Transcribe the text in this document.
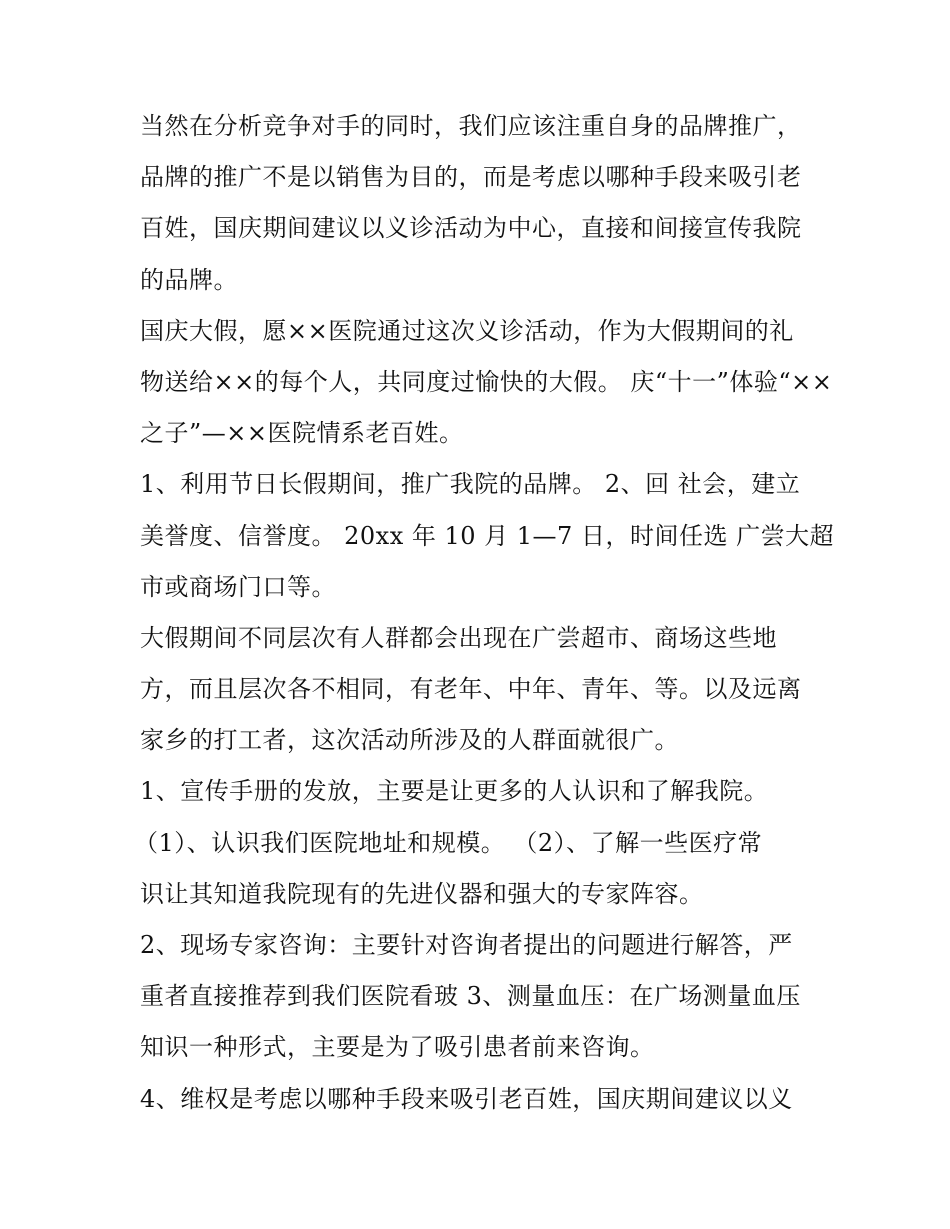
当然在分析竞争对手的同时，我们应该注重自身的品牌推广，
品牌的推广不是以销售为目的，而是考虑以哪种手段来吸引老
百姓，国庆期间建议以义诊活动为中心，直接和间接宣传我院
的品牌。
国庆大假，愿××医院通过这次义诊活动，作为大假期间的礼
物送给××的每个人，共同度过愉快的大假。 庆“十一”体验“××
之子”—××医院情系老百姓。
1、利用节日长假期间，推广我院的品牌。 2、回 社会，建立
美誉度、信誉度。 20xx 年 10 月 1—7 日，时间任选 广尝大超
市或商场门口等。
大假期间不同层次有人群都会出现在广尝超市、商场这些地
方，而且层次各不相同，有老年、中年、青年、等。以及远离
家乡的打工者，这次活动所涉及的人群面就很广。
1、宣传手册的发放，主要是让更多的人认识和了解我院。
（1）、认识我们医院地址和规模。 （2）、了解一些医疗常
识让其知道我院现有的先进仪器和强大的专家阵容。
2、现场专家咨询：主要针对咨询者提出的问题进行解答，严
重者直接推荐到我们医院看玻 3、测量血压：在广场测量血压
知识一种形式，主要是为了吸引患者前来咨询。
4、维权是考虑以哪种手段来吸引老百姓，国庆期间建议以义
